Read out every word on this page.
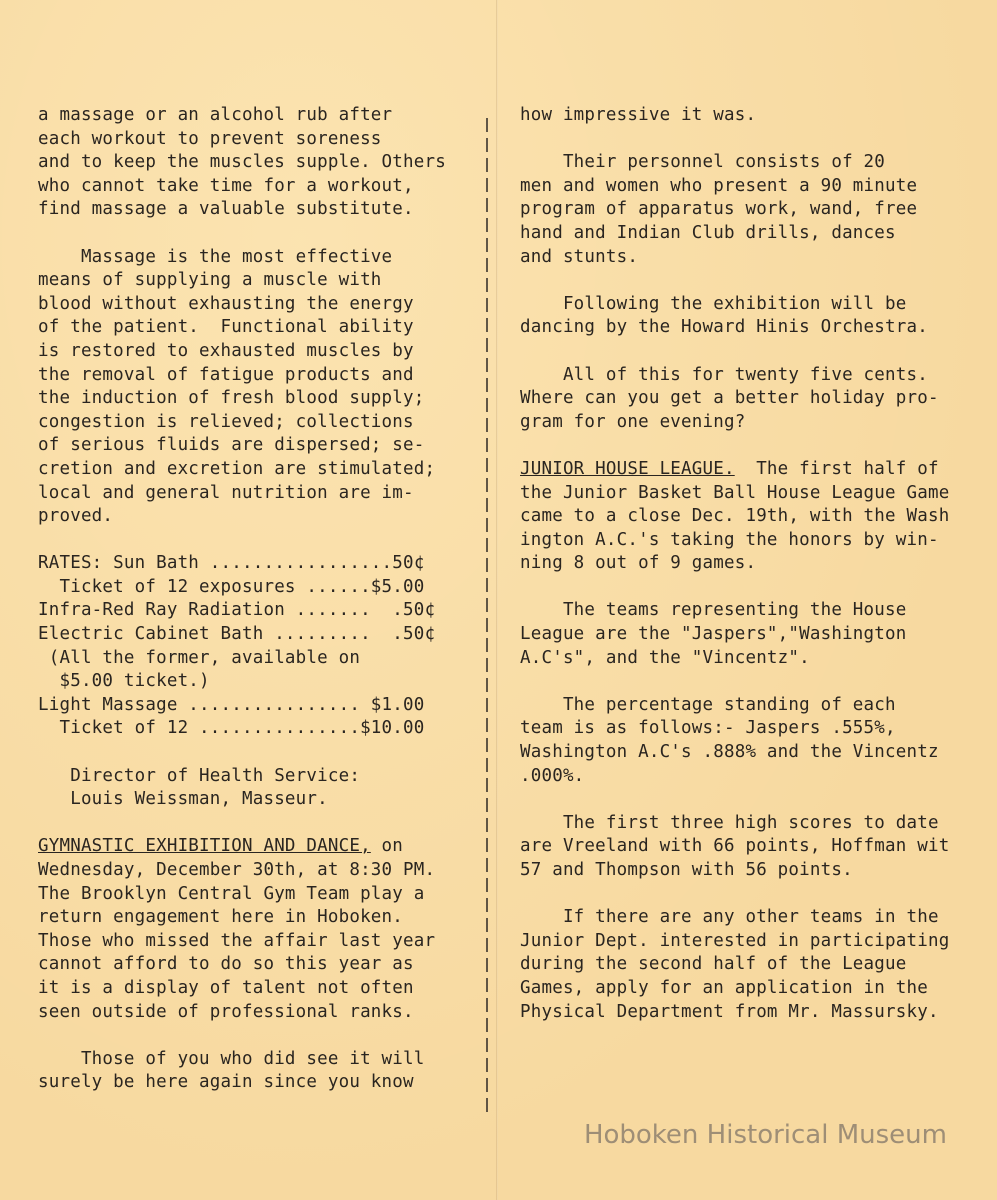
a massage or an alcohol rub after
each workout to prevent soreness
and to keep the muscles supple. Others
who cannot take time for a workout,
find massage a valuable substitute.
Massage is the most effective
means of supplying a muscle with
blood without exhausting the energy
of the patient.  Functional ability
is restored to exhausted muscles by
the removal of fatigue products and
the induction of fresh blood supply;
congestion is relieved; collections
of serious fluids are dispersed; se-
cretion and excretion are stimulated;
local and general nutrition are im-
proved.
RATES: Sun Bath .................50¢
Ticket of 12 exposures ......$5.00
Infra-Red Ray Radiation .......  .50¢
Electric Cabinet Bath .........  .50¢
(All the former, available on
$5.00 ticket.)
Light Massage ................ $1.00
Ticket of 12 ...............$10.00
Director of Health Service:
Louis Weissman, Masseur.
GYMNASTIC EXHIBITION AND DANCE, on
Wednesday, December 30th, at 8:30 PM.
The Brooklyn Central Gym Team play a
return engagement here in Hoboken.
Those who missed the affair last year
cannot afford to do so this year as
it is a display of talent not often
seen outside of professional ranks.
Those of you who did see it will
surely be here again since you know
how impressive it was.
Their personnel consists of 20
men and women who present a 90 minute
program of apparatus work, wand, free
hand and Indian Club drills, dances
and stunts.
Following the exhibition will be
dancing by the Howard Hinis Orchestra.
All of this for twenty five cents.
Where can you get a better holiday pro-
gram for one evening?
JUNIOR HOUSE LEAGUE.  The first half of
the Junior Basket Ball House League Game
came to a close Dec. 19th, with the Wash
ington A.C.'s taking the honors by win-
ning 8 out of 9 games.
The teams representing the House
League are the "Jaspers","Washington
A.C's", and the "Vincentz".
The percentage standing of each
team is as follows:- Jaspers .555%,
Washington A.C's .888% and the Vincentz
.000%.
The first three high scores to date
are Vreeland with 66 points, Hoffman wit
57 and Thompson with 56 points.
If there are any other teams in the
Junior Dept. interested in participating
during the second half of the League
Games, apply for an application in the
Physical Department from Mr. Massursky.
Hoboken Historical Museum
